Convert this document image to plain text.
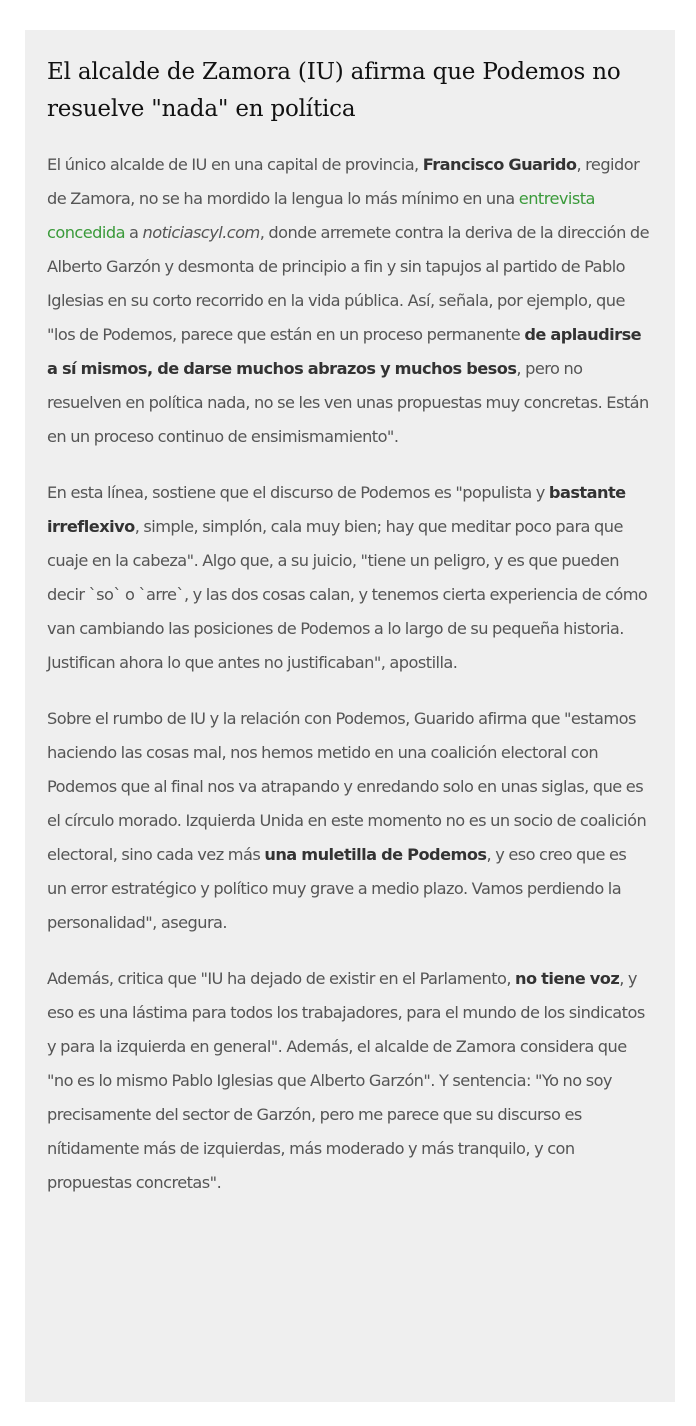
El alcalde de Zamora (IU) afirma que Podemos no resuelve "nada" en política

El único alcalde de IU en una capital de provincia, Francisco Guarido, regidor de Zamora, no se ha mordido la lengua lo más mínimo en una entrevista concedida a noticiascyl.com, donde arremete contra la deriva de la dirección de Alberto Garzón y desmonta de principio a fin y sin tapujos al partido de Pablo Iglesias en su corto recorrido en la vida pública. Así, señala, por ejemplo, que "los de Podemos, parece que están en un proceso permanente de aplaudirse a sí mismos, de darse muchos abrazos y muchos besos, pero no resuelven en política nada, no se les ven unas propuestas muy concretas. Están en un proceso continuo de ensimismamiento".

En esta línea, sostiene que el discurso de Podemos es "populista y bastante irreflexivo, simple, simplón, cala muy bien; hay que meditar poco para que cuaje en la cabeza". Algo que, a su juicio, "tiene un peligro, y es que pueden decir `so` o `arre`, y las dos cosas calan, y tenemos cierta experiencia de cómo van cambiando las posiciones de Podemos a lo largo de su pequeña historia. Justifican ahora lo que antes no justificaban", apostilla.

Sobre el rumbo de IU y la relación con Podemos, Guarido afirma que "estamos haciendo las cosas mal, nos hemos metido en una coalición electoral con Podemos que al final nos va atrapando y enredando solo en unas siglas, que es el círculo morado. Izquierda Unida en este momento no es un socio de coalición electoral, sino cada vez más una muletilla de Podemos, y eso creo que es un error estratégico y político muy grave a medio plazo. Vamos perdiendo la personalidad", asegura.

Además, critica que "IU ha dejado de existir en el Parlamento, no tiene voz, y eso es una lástima para todos los trabajadores, para el mundo de los sindicatos y para la izquierda en general". Además, el alcalde de Zamora considera que "no es lo mismo Pablo Iglesias que Alberto Garzón". Y sentencia: "Yo no soy precisamente del sector de Garzón, pero me parece que su discurso es nítidamente más de izquierdas, más moderado y más tranquilo, y con propuestas concretas".
